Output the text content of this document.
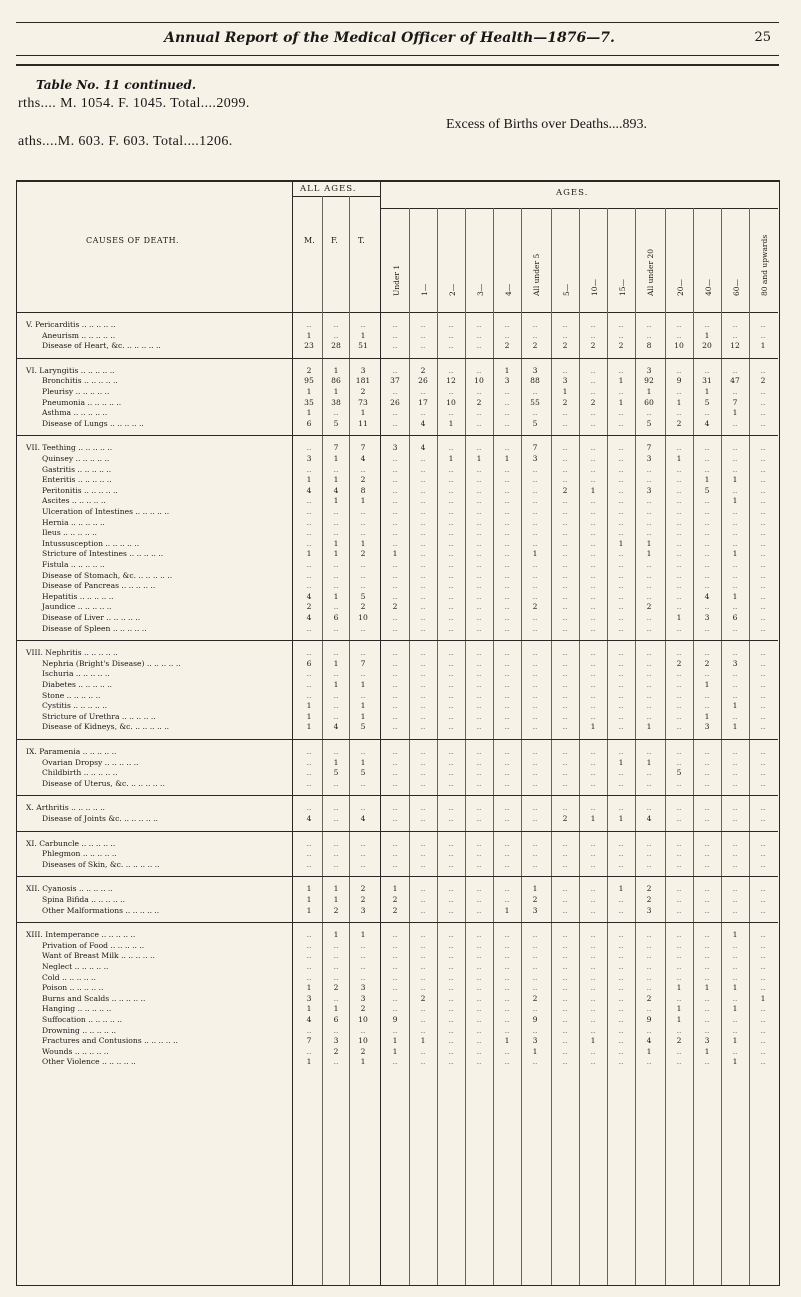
Annual Report of the Medical Officer of Health—1876—7.	25
Table No. 11 continued.
rths.... M. 1054. F. 1045. Total....2099.
aths....M. 603. F. 603. Total....1206.
Excess of Births over Deaths....893.
CAUSES OF DEATH.
ALL AGES.	AGES.
M. F.	T.
Under 1	1—	2—	3—	4—	All under 5	5—	10—	15—	All under 20	20—	40—	60—	80 and upwards
V. Pericarditis .. .. .. .. ..	..	..	..	..	..	..	..	..	..	..	..	..	..	..	..	..	..
Aneurism .. .. .. .. ..	1	..	1	..	..	..	..	..	..	..	..	..	..	..	1	..	..
Disease of Heart, &c. .. .. .. .. ..	23	28	51	..	..	..	..	2	2	2	2	2	8	10	20	12	1
VI. Laryngitis .. .. .. .. ..	2	1	3	..	2	..	..	1	3	..	..	..	3	..	..	..	..
Bronchitis .. .. .. .. ..	95	86	181	37	26	12	10	3	88	3	..	1	92	9	31	47	2
Pleurisy .. .. .. .. ..	1	1	2	..	..	..	..	..	..	1	..	..	1	..	1	..	..
Pneumonia .. .. .. .. ..	35	38	73	26	17	10	2	..	55	2	2	1	60	1	5	7	..
Asthma .. .. .. .. ..	1	..	1	..	..	..	..	..	..	..	..	..	..	..	..	1	..
Disease of Lungs .. .. .. .. ..	6	5	11	..	4	1	..	..	5	..	..	..	5	2	4	..	..
VII. Teething .. .. .. .. ..	..	7	7	3	4	..	..	..	7	..	..	..	7	..	..	..	..
Quinsey .. .. .. .. ..	3	1	4	..	..	1	1	1	3	..	..	..	3	1	..	..	..
Gastritis .. .. .. .. ..	..	..	..	..	..	..	..	..	..	..	..	..	..	..	..	..	..
Enteritis .. .. .. .. ..	1	1	2	..	..	..	..	..	..	..	..	..	..	..	1	1	..
Peritonitis .. .. .. .. ..	4	4	8	..	..	..	..	..	..	2	1	..	3	..	5	..	..
Ascites .. .. .. .. ..	..	1	1	..	..	..	..	..	..	..	..	..	..	..	..	1	..
Ulceration of Intestines .. .. .. .. ..	..	..	..	..	..	..	..	..	..	..	..	..	..	..	..	..	..
Hernia .. .. .. .. ..	..	..	..	..	..	..	..	..	..	..	..	..	..	..	..	..	..
Ileus .. .. .. .. ..	..	..	..	..	..	..	..	..	..	..	..	..	..	..	..	..	..
Intussusception .. .. .. .. ..	..	1	1	..	..	..	..	..	..	..	..	1	1	..	..	..	..
Stricture of Intestines .. .. .. .. ..	1	1	2	1	..	..	..	..	1	..	..	..	1	..	..	1	..
Fistula .. .. .. .. ..	..	..	..	..	..	..	..	..	..	..	..	..	..	..	..	..	..
Disease of Stomach, &c. .. .. .. .. ..	..	..	..	..	..	..	..	..	..	..	..	..	..	..	..	..	..
Disease of Pancreas .. .. .. .. ..	..	..	..	..	..	..	..	..	..	..	..	..	..	..	..	..	..
Hepatitis .. .. .. .. ..	4	1	5	..	..	..	..	..	..	..	..	..	..	..	4	1	..
Jaundice .. .. .. .. ..	2	..	2	2	..	..	..	..	2	..	..	..	2	..	..	..	..
Disease of Liver .. .. .. .. ..	4	6	10	..	..	..	..	..	..	..	..	..	..	1	3	6	..
Disease of Spleen .. .. .. .. ..	..	..	..	..	..	..	..	..	..	..	..	..	..	..	..	..	..
VIII. Nephritis .. .. .. .. ..	..	..	..	..	..	..	..	..	..	..	..	..	..	..	..	..	..
Nephria (Bright's Disease) .. .. .. .. ..	6	1	7	..	..	..	..	..	..	..	..	..	..	2	2	3	..
Ischuria .. .. .. .. ..	..	..	..	..	..	..	..	..	..	..	..	..	..	..	..	..	..
Diabetes .. .. .. .. ..	..	1	1	..	..	..	..	..	..	..	..	..	..	..	1	..	..
Stone .. .. .. .. ..	..	..	..	..	..	..	..	..	..	..	..	..	..	..	..	..	..
Cystitis .. .. .. .. ..	1	..	1	..	..	..	..	..	..	..	..	..	..	..	..	1	..
Stricture of Urethra .. .. .. .. ..	1	..	1	..	..	..	..	..	..	..	..	..	..	..	1	..	..
Disease of Kidneys, &c. .. .. .. .. ..	1	4	5	..	..	..	..	..	..	..	1	..	1	..	3	1	..
IX. Paramenia .. .. .. .. ..	..	..	..	..	..	..	..	..	..	..	..	..	..	..	..	..	..
Ovarian Dropsy .. .. .. .. ..	..	1	1	..	..	..	..	..	..	..	..	1	1	..	..	..	..
Childbirth .. .. .. .. ..	..	5	5	..	..	..	..	..	..	..	..	..	..	5	..	..	..
Disease of Uterus, &c. .. .. .. .. ..	..	..	..	..	..	..	..	..	..	..	..	..	..	..	..	..	..
X. Arthritis .. .. .. .. ..	..	..	..	..	..	..	..	..	..	..	..	..	..	..	..	..	..
Disease of Joints &c. .. .. .. .. ..	4	..	4	..	..	..	..	..	..	2	1	1	4	..	..	..	..
XI. Carbuncle .. .. .. .. ..	..	..	..	..	..	..	..	..	..	..	..	..	..	..	..	..	..
Phlegmon .. .. .. .. ..	..	..	..	..	..	..	..	..	..	..	..	..	..	..	..	..	..
Diseases of Skin, &c. .. .. .. .. ..	..	..	..	..	..	..	..	..	..	..	..	..	..	..	..	..	..
XII. Cyanosis .. .. .. .. ..	1	1	2	1	..	..	..	..	1	..	..	1	2	..	..	..	..
Spina Bifida .. .. .. .. ..	1	1	2	2	..	..	..	..	2	..	..	..	2	..	..	..	..
Other Malformations .. .. .. .. ..	1	2	3	2	..	..	..	1	3	..	..	..	3	..	..	..	..
XIII. Intemperance .. .. .. .. ..	..	1	1	..	..	..	..	..	..	..	..	..	..	..	..	1	..
Privation of Food .. .. .. .. ..	..	..	..	..	..	..	..	..	..	..	..	..	..	..	..	..	..
Want of Breast Milk .. .. .. .. ..	..	..	..	..	..	..	..	..	..	..	..	..	..	..	..	..	..
Neglect .. .. .. .. ..	..	..	..	..	..	..	..	..	..	..	..	..	..	..	..	..	..
Cold .. .. .. .. ..	..	..	..	..	..	..	..	..	..	..	..	..	..	..	..	..	..
Poison .. .. .. .. ..	1	2	3	..	..	..	..	..	..	..	..	..	..	1	1	1	..
Burns and Scalds .. .. .. .. ..	3	..	3	..	2	..	..	..	2	..	..	..	2	..	..	..	1
Hanging .. .. .. .. ..	1	1	2	..	..	..	..	..	..	..	..	..	..	1	..	1	..
Suffocation .. .. .. .. ..	4	6	10	9	..	..	..	..	9	..	..	..	9	1	..	..	..
Drowning .. .. .. .. ..	..	..	..	..	..	..	..	..	..	..	..	..	..	..	..	..	..
Fractures and Contusions .. .. .. .. ..	7	3	10	1	1	..	..	1	3	..	1	..	4	2	3	1	..
Wounds .. .. .. .. ..	..	2	2	1	..	..	..	..	1	..	..	..	1	..	1	..	..
Other Violence .. .. .. .. ..	1	..	1	..	..	..	..	..	..	..	..	..	..	..	..	1	..
